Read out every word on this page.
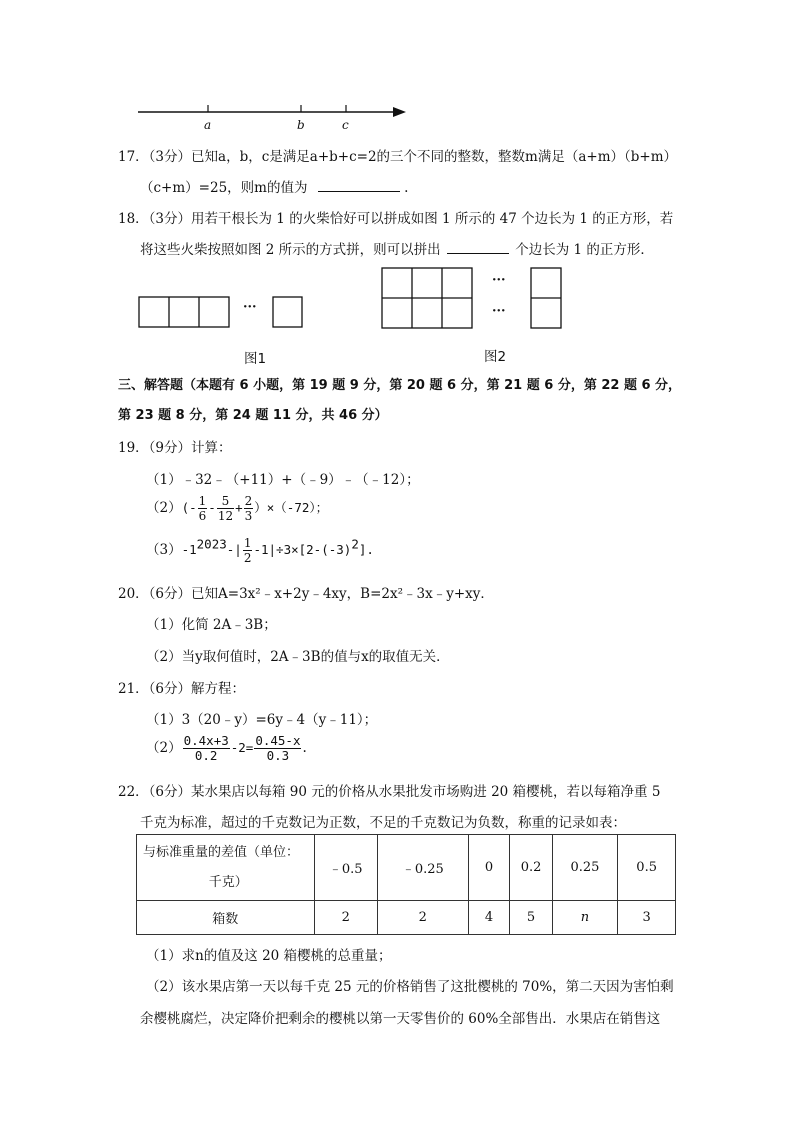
a	b	c
17．（3分）已知a，b，c是满足a+b+c=2的三个不同的整数，整数m满足（a+m）（b+m）
（c+m）=25，则m的值为	.
18．（3分）用若干根长为 1 的火柴恰好可以拼成如图 1 所示的 47 个边长为 1 的正方形，若
将这些火柴按照如图 2 所示的方式拼，则可以拼出	个边长为 1 的正方形．
···
图1
···
···
图2
三、解答题（本题有 6 小题，第 19 题 9 分，第 20 题 6 分，第 21 题 6 分，第 22 题 6 分，
第 23 题 8 分，第 24 题 11 分，共 46 分）
19．（9分）计算：
（1）﹣32﹣（+11）+（﹣9）﹣（﹣12）；
$(2)(- \frac{1}{6} - \frac{5}{12} + \frac{2}{3} )\times(-72)$；
$(3)-1^{2023}-| \frac{1}{2} -1|\div 3\times[2-(-3)^2]$.
20．（6分）已知A=3x²﹣x+2y﹣4xy，B=2x²﹣3x﹣y+xy．
（1）化简 2A﹣3B；
（2）当y取何值时，2A﹣3B的值与x的取值无关．
21．（6分）解方程：
（1）3（20﹣y）=6y﹣4（y﹣11）；
$(2) \frac{0.4x+3}{0.2} -2= \frac{0.45-x}{0.3}$ .
22．（6分）某水果店以每箱 90 元的价格从水果批发市场购进 20 箱樱桃，若以每箱净重 5
千克为标准，超过的千克数记为正数，不足的千克数记为负数，称重的记录如表：
与标准重量的差值（单位：
千克）	﹣0.5	﹣0.25	0	0.2	0.25	0.5
箱数	2	2	4	5	n	3
（1）求n的值及这 20 箱樱桃的总重量；
（2）该水果店第一天以每千克 25 元的价格销售了这批樱桃的 70%，第二天因为害怕剩
余樱桃腐烂，决定降价把剩余的樱桃以第一天零售价的 60%全部售出．水果店在销售这
